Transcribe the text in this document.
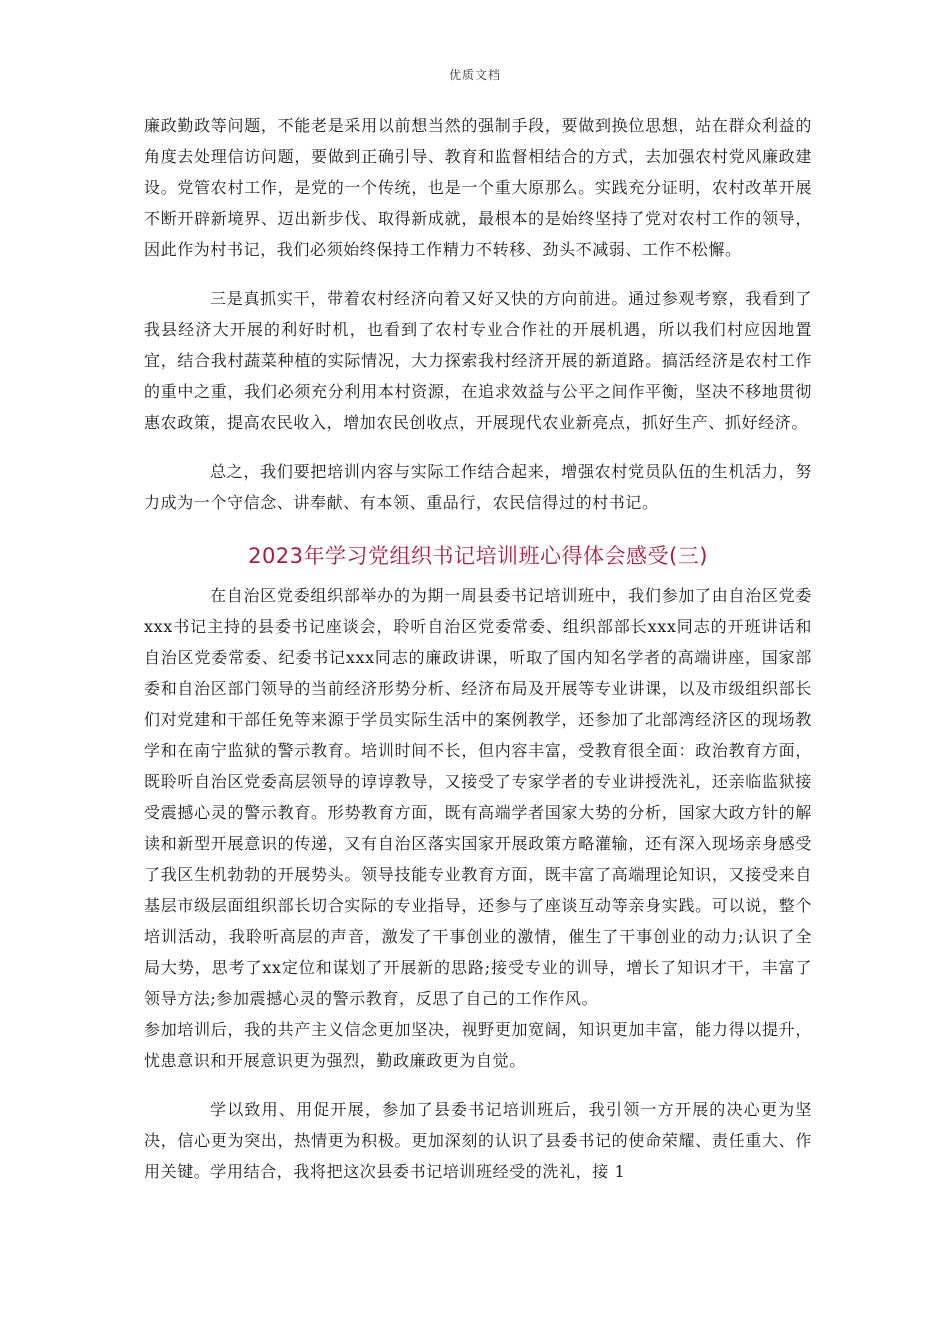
优质文档

廉政勤政等问题，不能老是采用以前想当然的强制手段，要做到换位思想，站在群众利益的角度去处理信访问题，要做到正确引导、教育和监督相结合的方式，去加强农村党风廉政建设。党管农村工作，是党的一个传统，也是一个重大原那么。实践充分证明，农村改革开展不断开辟新境界、迈出新步伐、取得新成就，最根本的是始终坚持了党对农村工作的领导，因此作为村书记，我们必须始终保持工作精力不转移、劲头不减弱、工作不松懈。

三是真抓实干，带着农村经济向着又好又快的方向前进。通过参观考察，我看到了我县经济大开展的利好时机，也看到了农村专业合作社的开展机遇，所以我们村应因地置宜，结合我村蔬菜种植的实际情况，大力探索我村经济开展的新道路。搞活经济是农村工作的重中之重，我们必须充分利用本村资源，在追求效益与公平之间作平衡，坚决不移地贯彻惠农政策，提高农民收入，增加农民创收点，开展现代农业新亮点，抓好生产、抓好经济。

总之，我们要把培训内容与实际工作结合起来，增强农村党员队伍的生机活力，努力成为一个守信念、讲奉献、有本领、重品行，农民信得过的村书记。

2023年学习党组织书记培训班心得体会感受(三)

在自治区党委组织部举办的为期一周县委书记培训班中，我们参加了由自治区党委xxx书记主持的县委书记座谈会，聆听自治区党委常委、组织部部长xxx同志的开班讲话和自治区党委常委、纪委书记xxx同志的廉政讲课，听取了国内知名学者的高端讲座，国家部委和自治区部门领导的当前经济形势分析、经济布局及开展等专业讲课，以及市级组织部长们对党建和干部任免等来源于学员实际生活中的案例教学，还参加了北部湾经济区的现场教学和在南宁监狱的警示教育。培训时间不长，但内容丰富，受教育很全面：政治教育方面，既聆听自治区党委高层领导的谆谆教导，又接受了专家学者的专业讲授洗礼，还亲临监狱接受震撼心灵的警示教育。形势教育方面，既有高端学者国家大势的分析，国家大政方针的解读和新型开展意识的传递，又有自治区落实国家开展政策方略灌输，还有深入现场亲身感受了我区生机勃勃的开展势头。领导技能专业教育方面，既丰富了高端理论知识，又接受来自基层市级层面组织部长切合实际的专业指导，还参与了座谈互动等亲身实践。可以说，整个培训活动，我聆听高层的声音，激发了干事创业的激情，催生了干事创业的动力;认识了全局大势，思考了xx定位和谋划了开展新的思路;接受专业的训导，增长了知识才干，丰富了领导方法;参加震撼心灵的警示教育，反思了自己的工作作风。

参加培训后，我的共产主义信念更加坚决，视野更加宽阔，知识更加丰富，能力得以提升，忧患意识和开展意识更为强烈，勤政廉政更为自觉。

学以致用、用促开展，参加了县委书记培训班后，我引领一方开展的决心更为坚决，信心更为突出，热情更为积极。更加深刻的认识了县委书记的使命荣耀、责任重大、作用关键。学用结合，我将把这次县委书记培训班经受的洗礼，接 1
